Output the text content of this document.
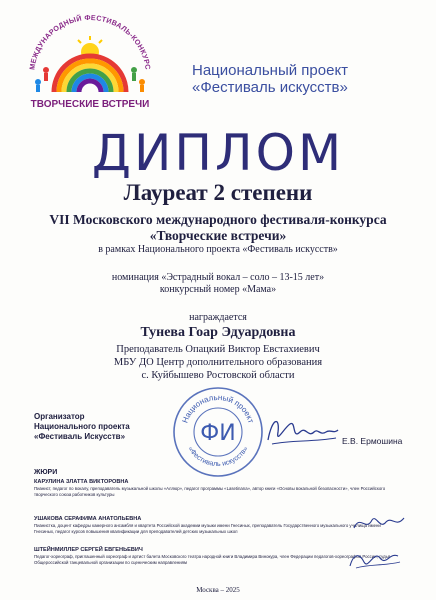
МЕЖДУНАРОДНЫЙ ФЕСТИВАЛЬ-КОНКУРС
ТВОРЧЕСКИЕ ВСТРЕЧИ
Национальный проект
«Фестиваль искусств»
ДИПЛОМ
Лауреат 2 степени
VII Московского международного фестиваля-конкурса
«Творческие встречи»
в рамках Национального проекта «Фестиваль искусств»
номинация «Эстрадный вокал – соло – 13-15 лет»
конкурсный номер «Мама»
награждается
Тунева Гоар Эдуардовна
Преподаватель Опацкий Виктор Евстахиевич
МБУ ДО Центр дополнительного образования
с. Куйбышево Ростовской области
Организатор
Национального проекта
«Фестиваль Искусств»
Национальный проект
«Фестиваль искусств»
ФИ	Е.В. Ермошина
ЖЮРИ
КАРУЛИНА ЗЛАТТА ВИКТОРОВНА
Пианист, педагог по вокалу, преподаватель музыкальной школы «Аллюр», педагог программы «Lasetinana», автор книги «Основы вокальной безопасности», член Российского творческого союза работников культуры
УШАКОВА СЕРАФИМА АНАТОЛЬЕВНА
Пианистка, доцент кафедры камерного ансамбля и квартета Российской академии музыки имени Гнесиных, преподаватель Государственного музыкального училища имени Гнесиных, педагог курсов повышения квалификации для преподавателей детских музыкальных школ
ШТЕЙНМИЛЛЕР СЕРГЕЙ ЕВГЕНЬЕВИЧ
Педагог-хореограф, приглашенный хореограф и артист балета Московского театра народной книги Владимира Винокура, член Федерации педагогов-хореографов России, судья Общероссийской танцевальной организации по сценическим направлениям
Москва – 2025
